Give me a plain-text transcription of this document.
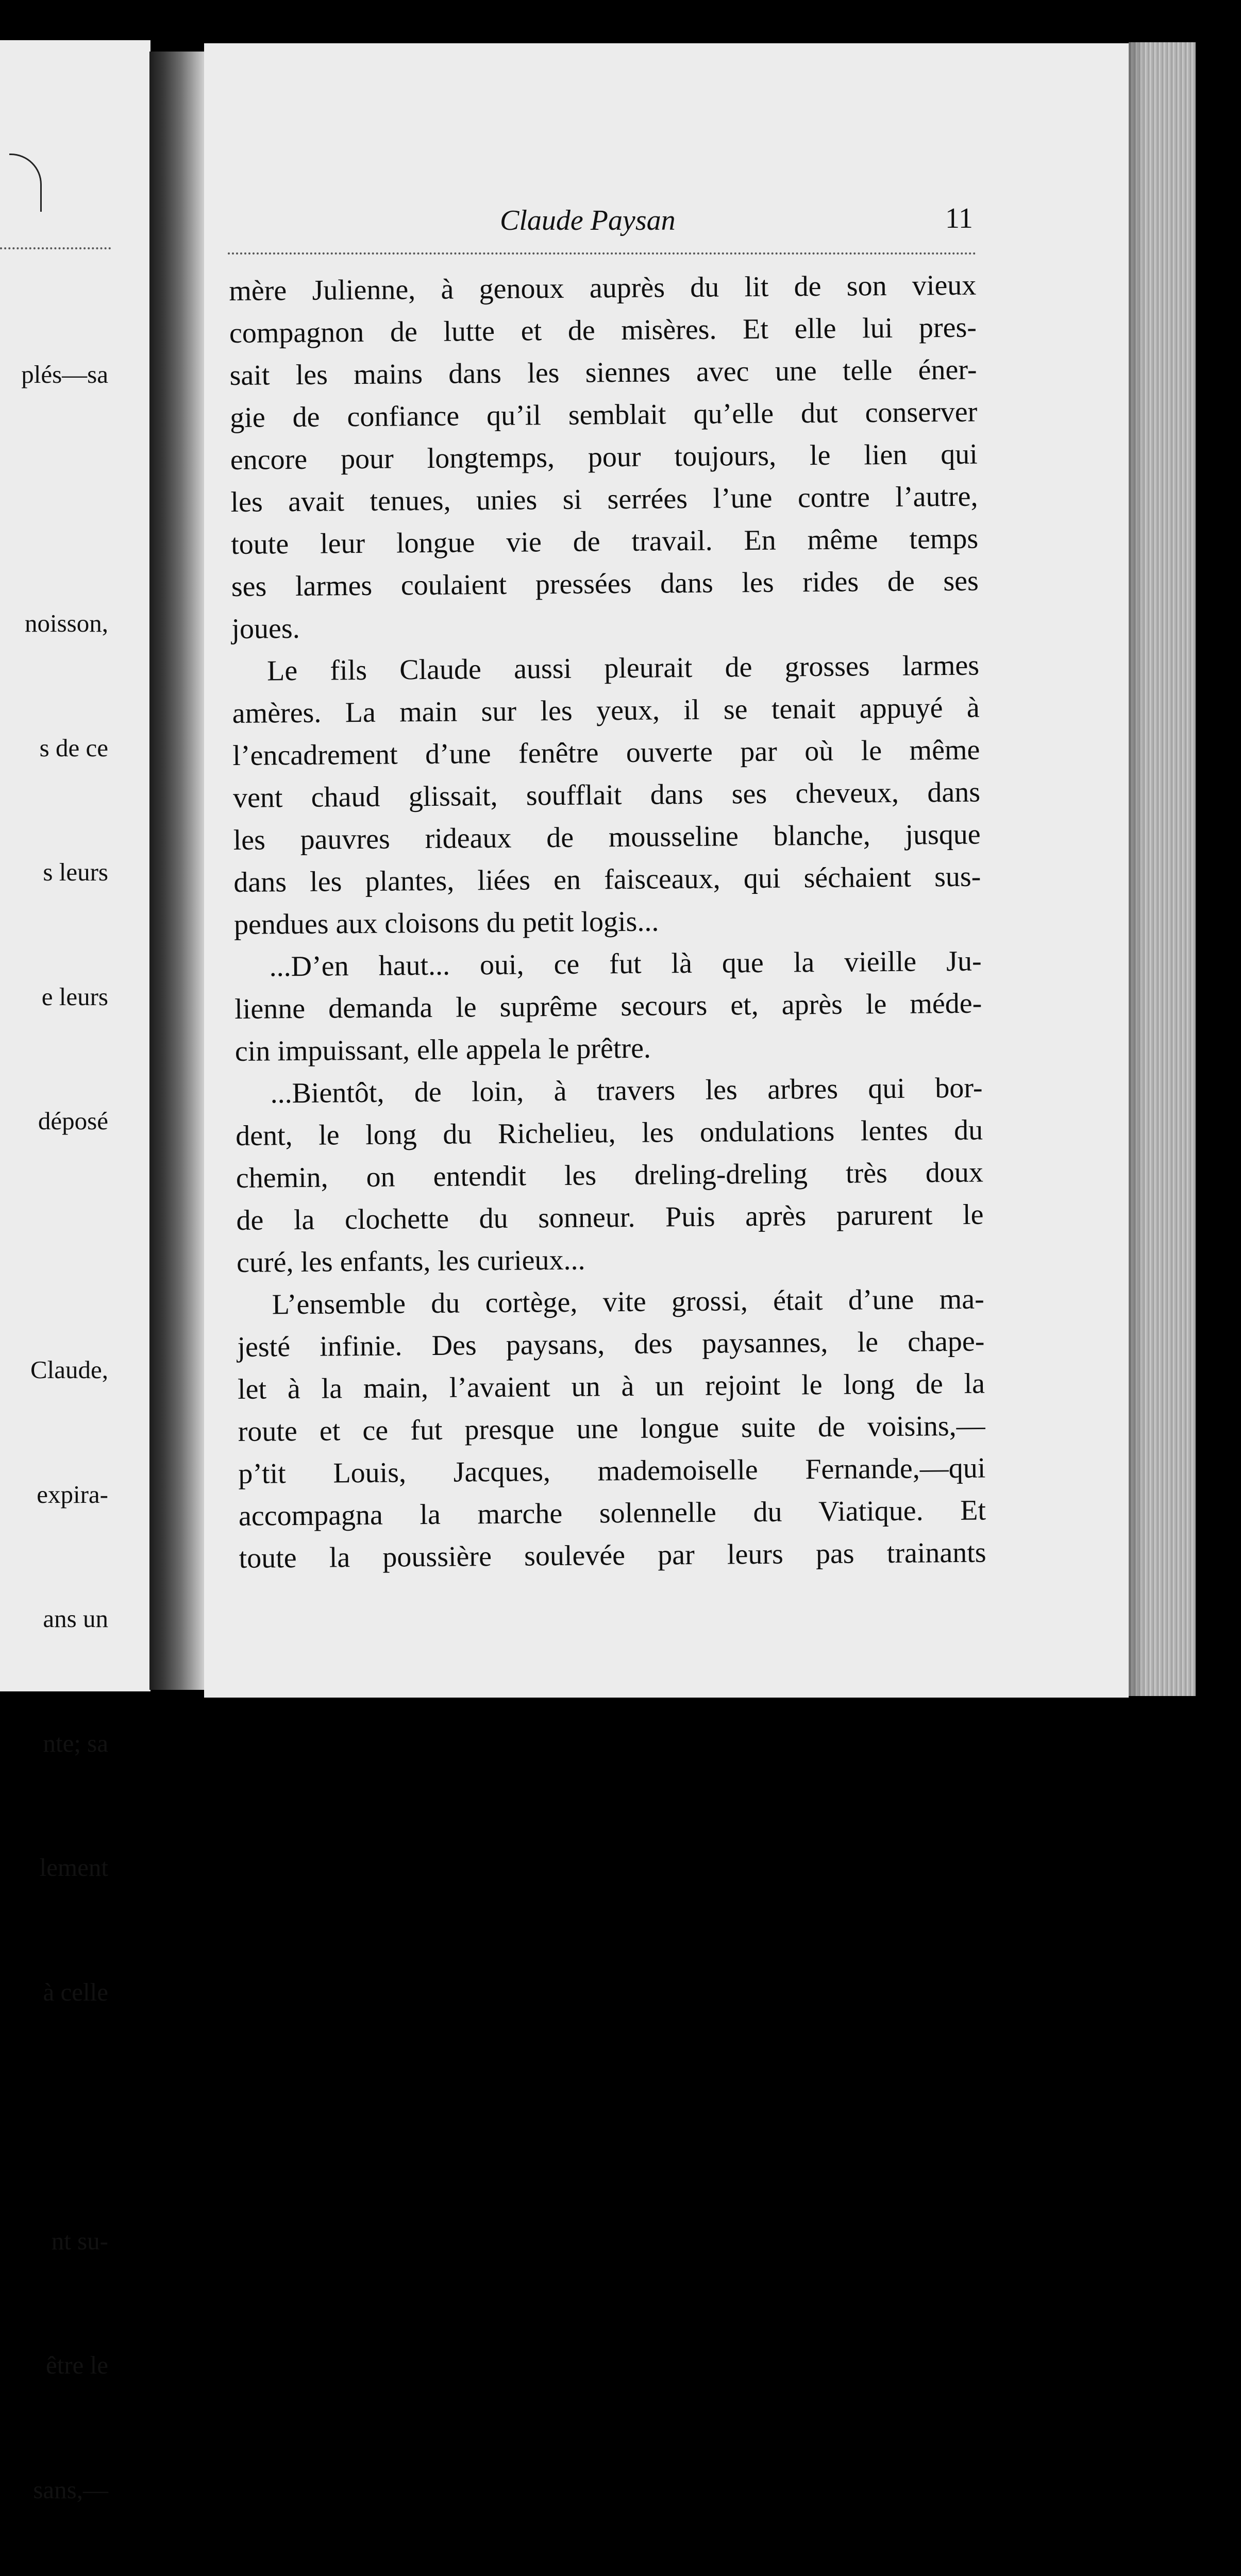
plés—sa

noisson,

s de ce

s leurs

e leurs

déposé

Claude,

expira-

ans un

nte; sa

lement

à celle

nt su-

être le

sans,—

Claude Paysan	11
mère Julienne, à genoux auprès du lit de son vieux
compagnon de lutte et de misères. Et elle lui pres-
sait les mains dans les siennes avec une telle éner-
gie de confiance qu’il semblait qu’elle dut conserver
encore pour longtemps, pour toujours, le lien qui
les avait tenues, unies si serrées l’une contre l’autre,
toute leur longue vie de travail. En même temps
ses larmes coulaient pressées dans les rides de ses
joues.
Le fils Claude aussi pleurait de grosses larmes
amères. La main sur les yeux, il se tenait appuyé à
l’encadrement d’une fenêtre ouverte par où le même
vent chaud glissait, soufflait dans ses cheveux, dans
les pauvres rideaux de mousseline blanche, jusque
dans les plantes, liées en faisceaux, qui séchaient sus-
pendues aux cloisons du petit logis...
...D’en haut... oui, ce fut là que la vieille Ju-
lienne demanda le suprême secours et, après le méde-
cin impuissant, elle appela le prêtre.
...Bientôt, de loin, à travers les arbres qui bor-
dent, le long du Richelieu, les ondulations lentes du
chemin, on entendit les dreling-dreling très doux
de la clochette du sonneur. Puis après parurent le
curé, les enfants, les curieux...
L’ensemble du cortège, vite grossi, était d’une ma-
jesté infinie. Des paysans, des paysannes, le chape-
let à la main, l’avaient un à un rejoint le long de la
route et ce fut presque une longue suite de voisins,—
p’tit Louis, Jacques, mademoiselle Fernande,—qui
accompagna la marche solennelle du Viatique. Et
toute la poussière soulevée par leurs pas trainants
